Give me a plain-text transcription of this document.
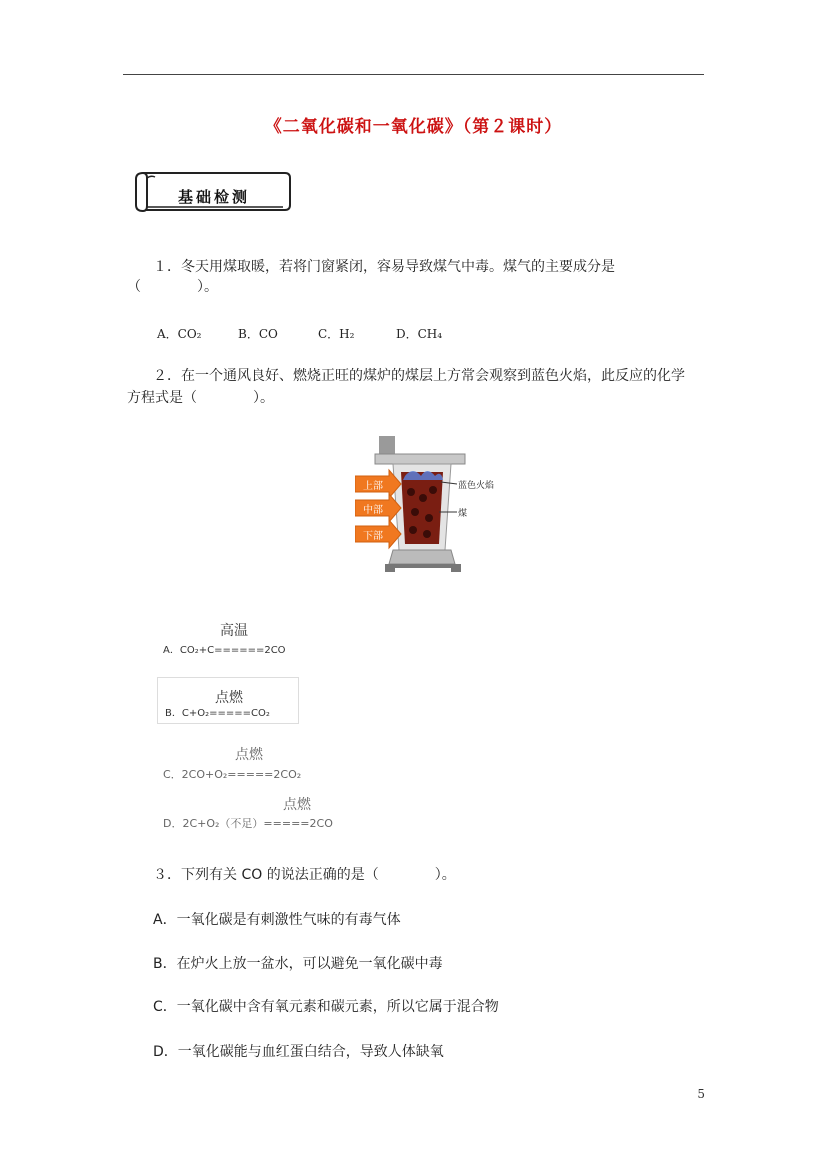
《二氧化碳和一氧化碳》（第２课时）
基础检测
１．冬天用煤取暖，若将门窗紧闭，容易导致煤气中毒。煤气的主要成分是
（　　　　）。
A．CO₂	B．CO	C．H₂	D．CH₄
２．在一个通风良好、燃烧正旺的煤炉的煤层上方常会观察到蓝色火焰，此反应的化学
方程式是（　　　　）。
上部
中部
下部
蓝色火焰
煤
高温
A．CO₂+C======2CO
点燃
B．C+O₂=====CO₂
点燃
C．2CO+O₂=====2CO₂
点燃
D．2C+O₂（不足）=====2CO
３．下列有关 CO 的说法正确的是（　　　　）。
A．一氧化碳是有刺激性气味的有毒气体
B．在炉火上放一盆水，可以避免一氧化碳中毒
C．一氧化碳中含有氧元素和碳元素，所以它属于混合物
D．一氧化碳能与血红蛋白结合，导致人体缺氧
5
